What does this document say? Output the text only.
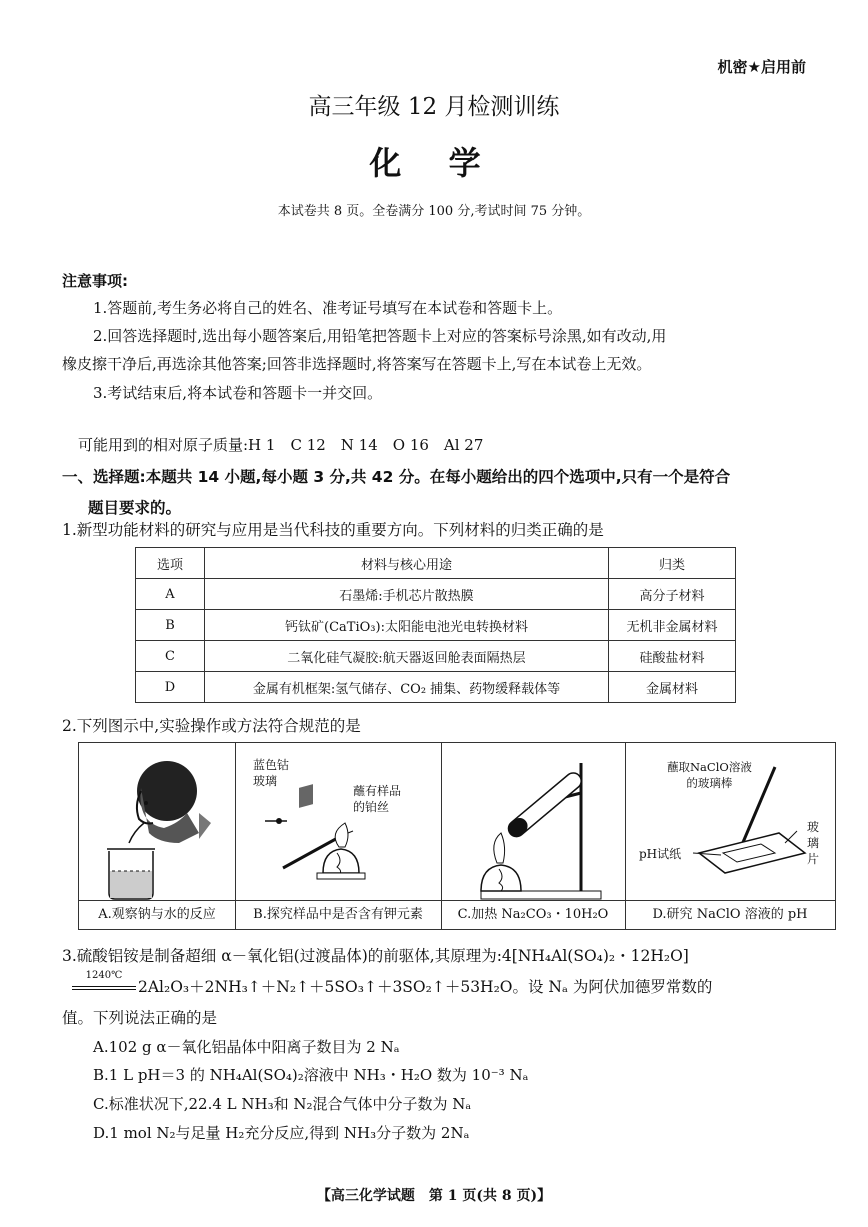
机密★启用前
高三年级 12 月检测训练
化 学
本试卷共 8 页。全卷满分 100 分,考试时间 75 分钟。
注意事项:
1.答题前,考生务必将自己的姓名、准考证号填写在本试卷和答题卡上。
2.回答选择题时,选出每小题答案后,用铅笔把答题卡上对应的答案标号涂黑,如有改动,用
橡皮擦干净后,再选涂其他答案;回答非选择题时,将答案写在答题卡上,写在本试卷上无效。
3.考试结束后,将本试卷和答题卡一并交回。
可能用到的相对原子质量:H 1　C 12　N 14　O 16　Al 27
一、选择题:本题共 14 小题,每小题 3 分,共 42 分。在每小题给出的四个选项中,只有一个是符合
题目要求的。
1.新型功能材料的研究与应用是当代科技的重要方向。下列材料的归类正确的是
选项	材料与核心用途	归类
A	石墨烯:手机芯片散热膜	高分子材料
B	钙钛矿(CaTiO₃):太阳能电池光电转换材料	无机非金属材料
C	二氧化硅气凝胶:航天器返回舱表面隔热层	硅酸盐材料
D	金属有机框架:氢气储存、CO₂ 捕集、药物缓释载体等	金属材料
2.下列图示中,实验操作或方法符合规范的是
A.观察钠与水的反应
蓝色钴
玻璃
蘸有样品
的铂丝
B.探究样品中是否含有钾元素	C.加热 Na₂CO₃・10H₂O
蘸取NaClO溶液
的玻璃棒
pH试纸
玻
璃
片
D.研究 NaClO 溶液的 pH
3.硫酸铝铵是制备超细 α－氧化铝(过渡晶体)的前驱体,其原理为:4[NH₄Al(SO₄)₂・12H₂O]
1240℃
2Al₂O₃＋2NH₃↑＋N₂↑＋5SO₃↑＋3SO₂↑＋53H₂O。设 Nₐ 为阿伏加德罗常数的
值。下列说法正确的是
A.102 g α－氧化铝晶体中阳离子数目为 2 Nₐ
B.1 L pH＝3 的 NH₄Al(SO₄)₂溶液中 NH₃・H₂O 数为 10⁻³ Nₐ
C.标准状况下,22.4 L NH₃和 N₂混合气体中分子数为 Nₐ
D.1 mol N₂与足量 H₂充分反应,得到 NH₃分子数为 2Nₐ
【高三化学试题　第 1 页(共 8 页)】
